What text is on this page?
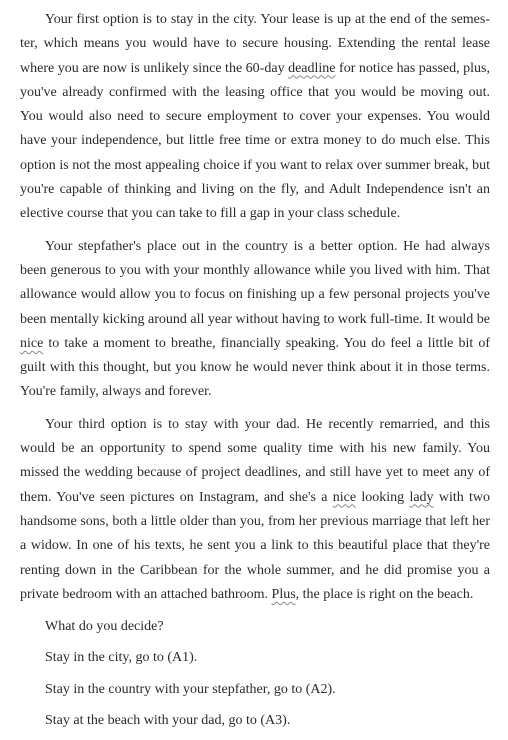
Your first option is to stay in the city. Your lease is up at the end of the semes-ter, which means you would have to secure housing. Extending the rental lease where you are now is unlikely since the 60-day deadline for notice has passed, plus, you've already confirmed with the leasing office that you would be moving out. You would also need to secure employment to cover your expenses. You would have your independence, but little free time or extra money to do much else. This option is not the most appealing choice if you want to relax over summer break, but you're capable of thinking and living on the fly, and Adult Independence isn't an elective course that you can take to fill a gap in your class schedule.

Your stepfather's place out in the country is a better option. He had always been generous to you with your monthly allowance while you lived with him. That allowance would allow you to focus on finishing up a few personal projects you've been mentally kicking around all year without having to work full-time. It would be nice to take a moment to breathe, financially speaking. You do feel a little bit of guilt with this thought, but you know he would never think about it in those terms. You're family, always and forever.

Your third option is to stay with your dad. He recently remarried, and this would be an opportunity to spend some quality time with his new family. You missed the wedding because of project deadlines, and still have yet to meet any of them. You've seen pictures on Instagram, and she's a nice looking lady with two handsome sons, both a little older than you, from her previous marriage that left her a widow. In one of his texts, he sent you a link to this beautiful place that they're renting down in the Caribbean for the whole summer, and he did promise you a private bedroom with an attached bathroom. Plus, the place is right on the beach.

What do you decide?

Stay in the city, go to (A1).

Stay in the country with your stepfather, go to (A2).

Stay at the beach with your dad, go to (A3).
